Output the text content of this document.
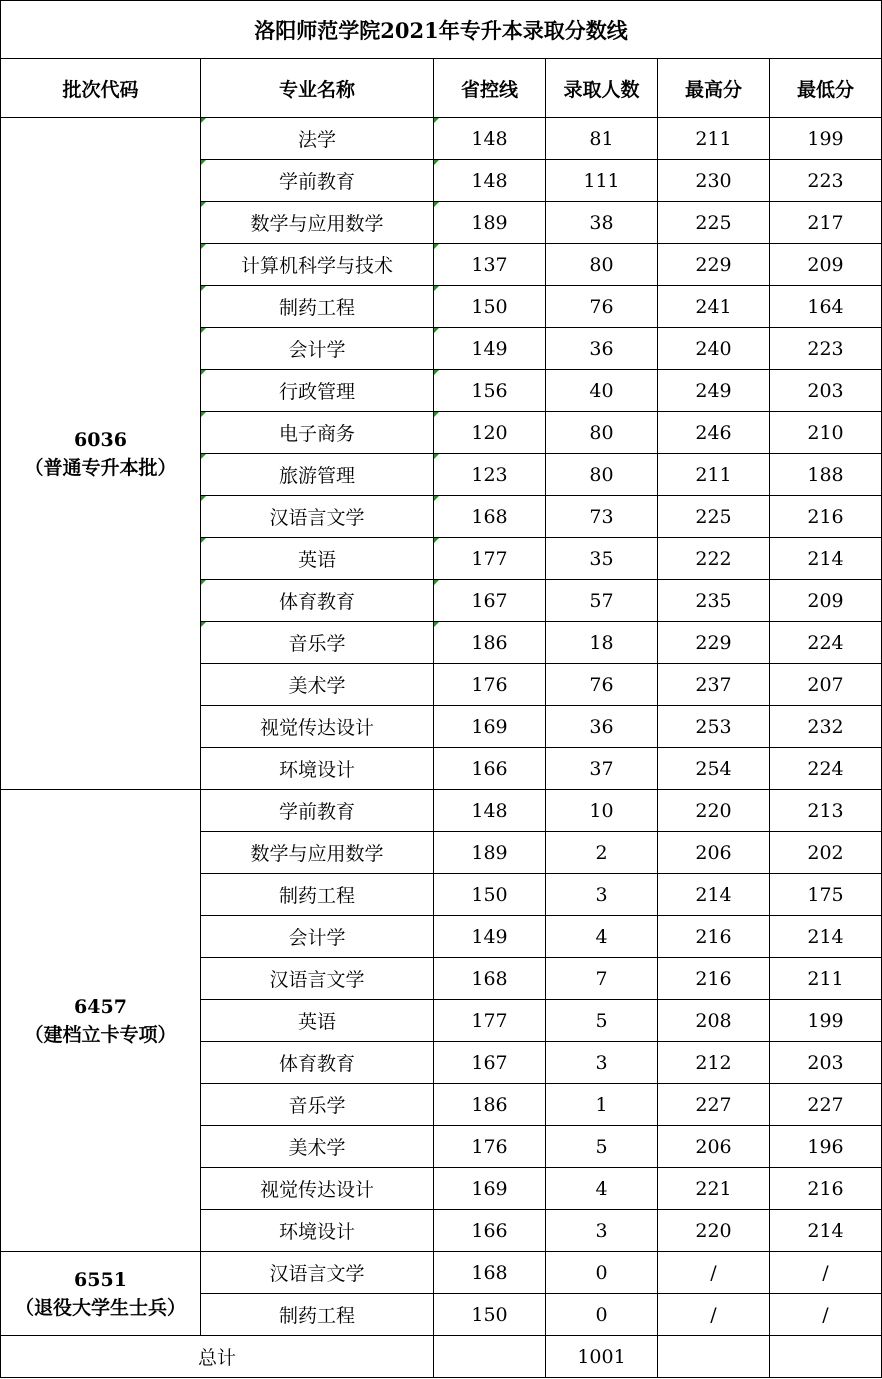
洛阳师范学院2021年专升本录取分数线					
批次代码	专业名称	省控线	录取人数	最高分	最低分

6036
（普通专升本批）	法学	148	81	211	199
	学前教育	148	111	230	223
	数学与应用数学	189	38	225	217
	计算机科学与技术	137	80	229	209
	制药工程	150	76	241	164
	会计学	149	36	240	223
	行政管理	156	40	249	203
	电子商务	120	80	246	210
	旅游管理	123	80	211	188
	汉语言文学	168	73	225	216
	英语	177	35	222	214
	体育教育	167	57	235	209
	音乐学	186	18	229	224
	美术学	176	76	237	207
	视觉传达设计	169	36	253	232
	环境设计	166	37	254	224

6457
（建档立卡专项）	学前教育	148	10	220	213
	数学与应用数学	189	2	206	202
	制药工程	150	3	214	175
	会计学	149	4	216	214
	汉语言文学	168	7	216	211
	英语	177	5	208	199
	体育教育	167	3	212	203
	音乐学	186	1	227	227
	美术学	176	5	206	196
	视觉传达设计	169	4	221	216
	环境设计	166	3	220	214

6551
（退役大学生士兵）	汉语言文学	168	0	/	/
	制药工程	150	0	/	/
总计			1001		
